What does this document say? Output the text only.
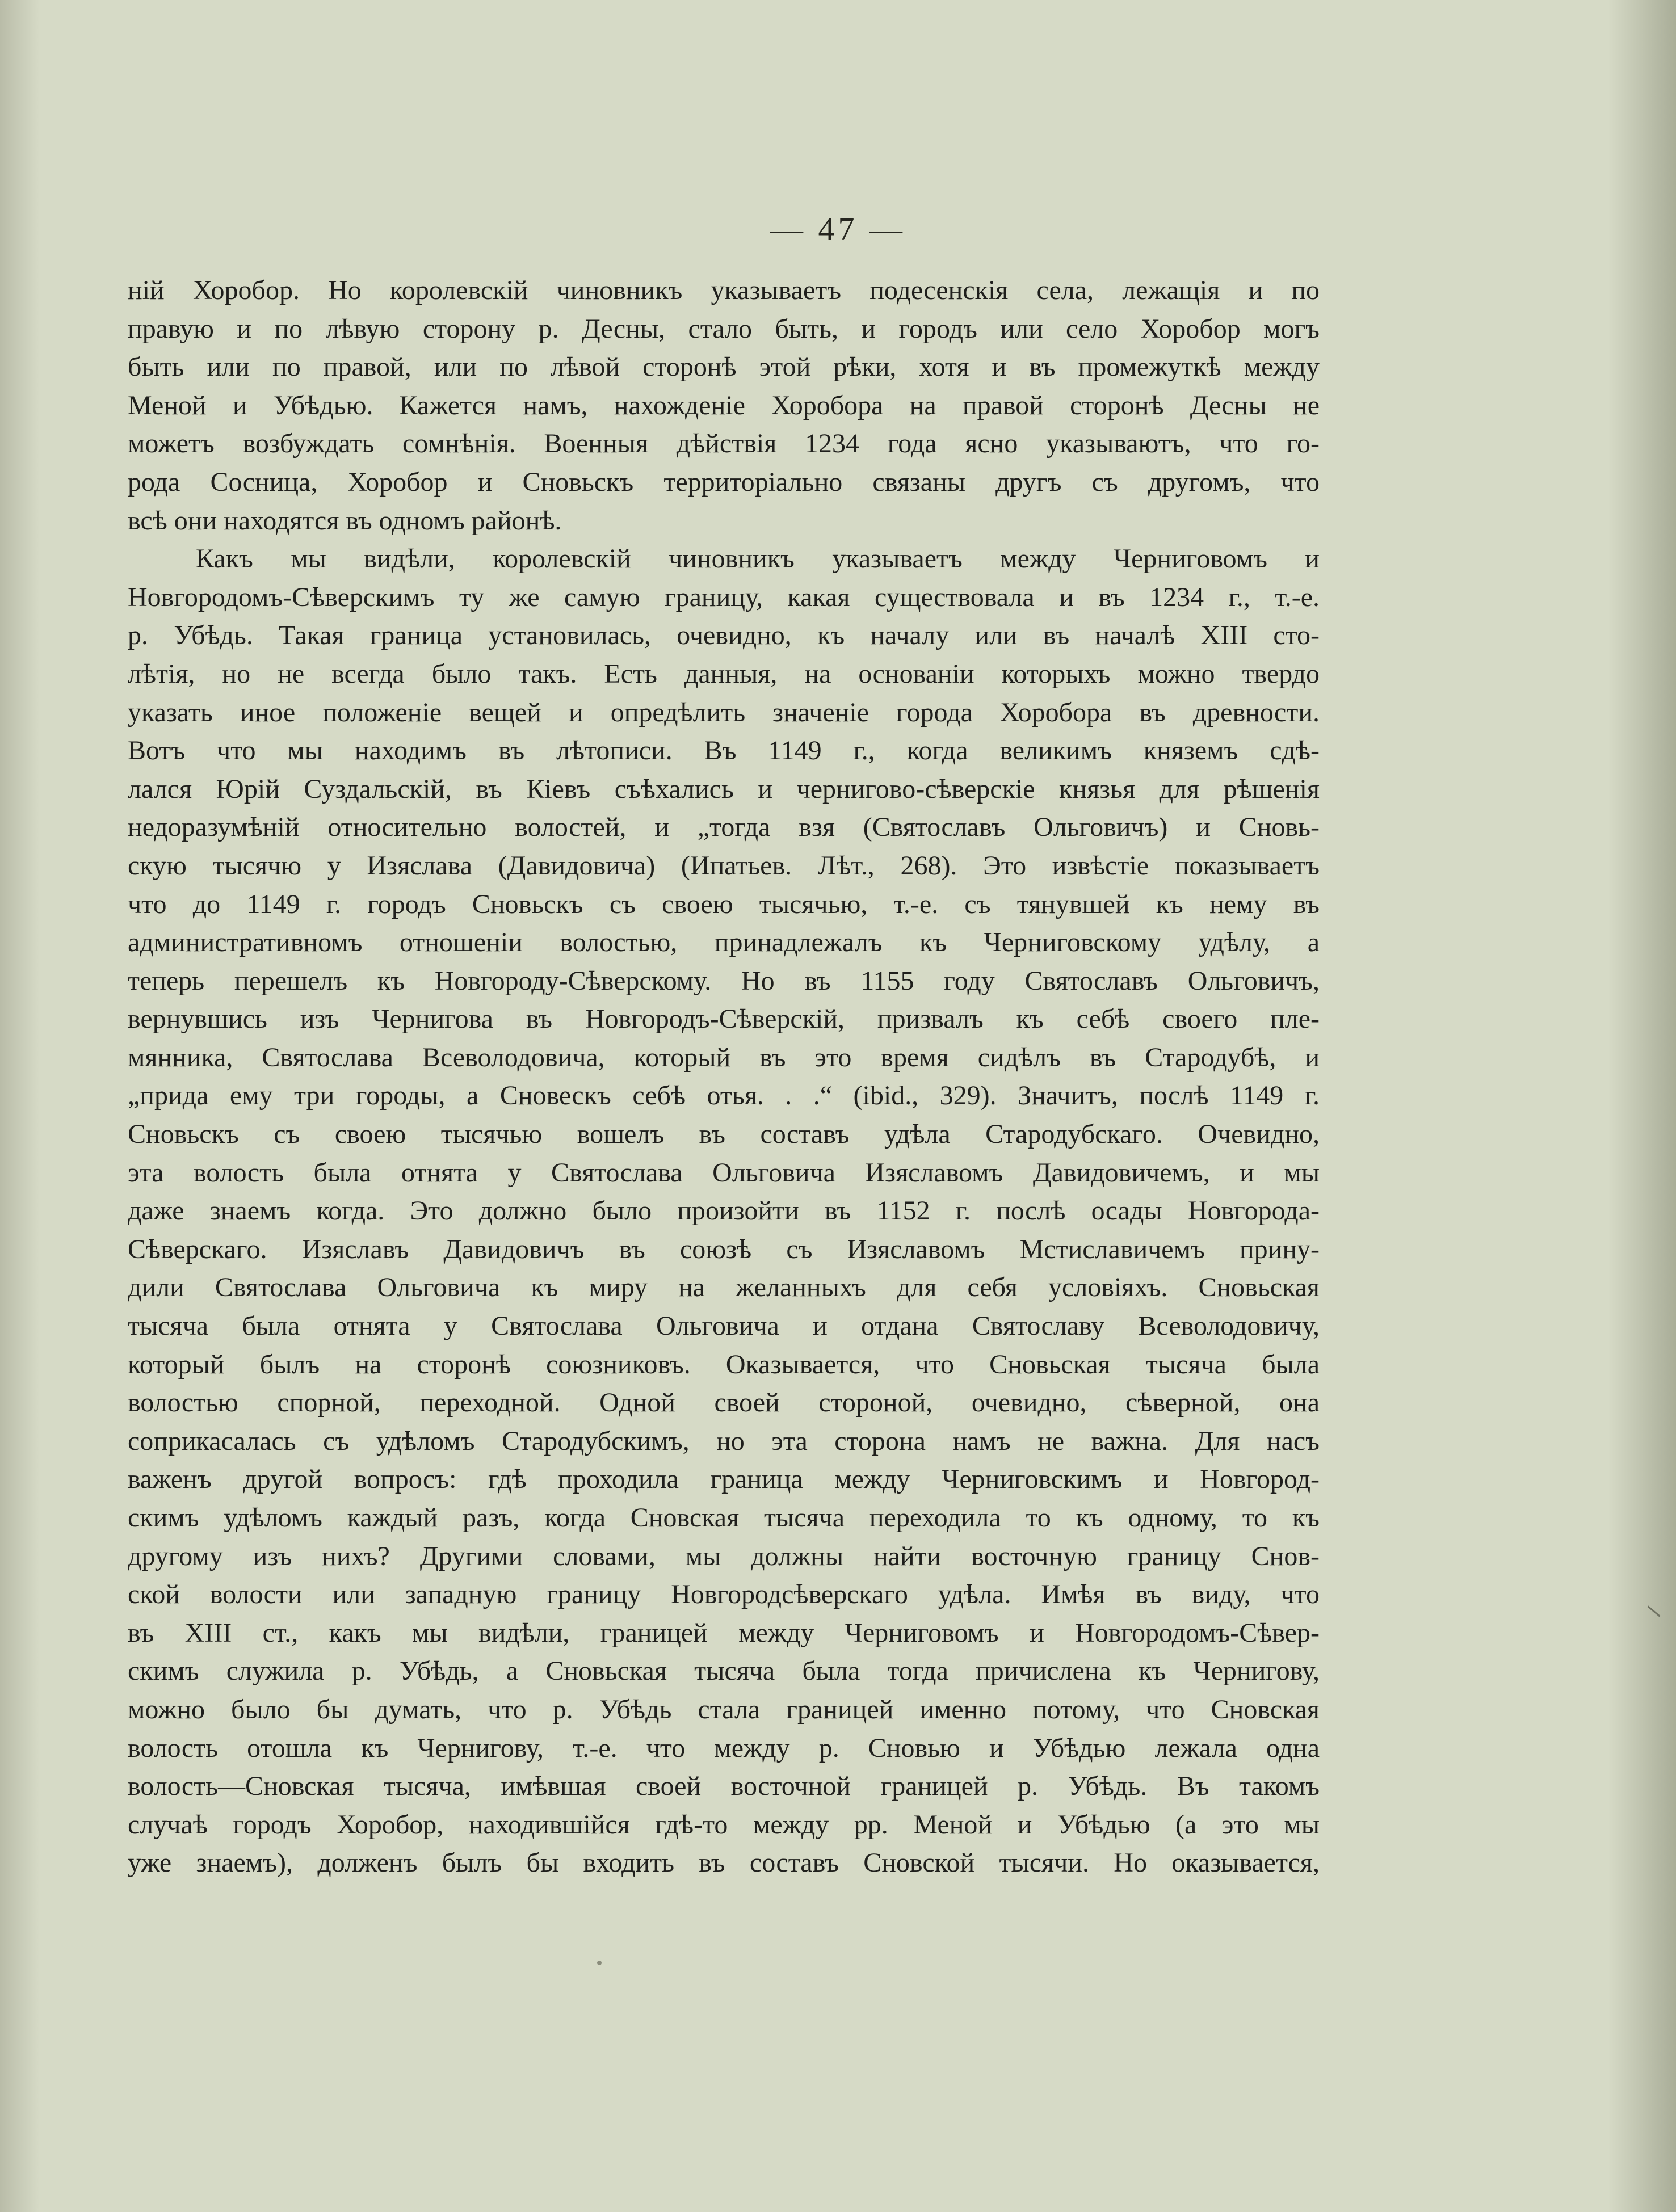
— 47 —
ній Хоробор. Но королевскій чиновникъ указываетъ подесенскія села, лежащія и по
правую и по лѣвую сторону р. Десны, стало быть, и городъ или село Хоробор могъ
быть или по правой, или по лѣвой сторонѣ этой рѣки, хотя и въ промежуткѣ между
Меной и Убѣдью. Кажется намъ, нахожденіе Хоробора на правой сторонѣ Десны не
можетъ возбуждать сомнѣнія. Военныя дѣйствія 1234 года ясно указываютъ, что го-
рода Сосница, Хоробор и Сновьскъ территоріально связаны другъ съ другомъ, что
всѣ они находятся въ одномъ районѣ.
Какъ мы видѣли, королевскій чиновникъ указываетъ между Черниговомъ и
Новгородомъ-Сѣверскимъ ту же самую границу, какая существовала и въ 1234 г., т.-е.
р. Убѣдь. Такая граница установилась, очевидно, къ началу или въ началѣ XIII сто-
лѣтія, но не всегда было такъ. Есть данныя, на основаніи которыхъ можно твердо
указать иное положеніе вещей и опредѣлить значеніе города Хоробора въ древности.
Вотъ что мы находимъ въ лѣтописи. Въ 1149 г., когда великимъ княземъ сдѣ-
лался Юрій Суздальскій, въ Кіевъ съѣхались и чернигово-сѣверскіе князья для рѣшенія
недоразумѣній относительно волостей, и „тогда взя (Святославъ Ольговичъ) и Сновь-
скую тысячю у Изяслава (Давидовича) (Ипатьев. Лѣт., 268). Это извѣстіе показываетъ
что до 1149 г. городъ Сновьскъ съ своею тысячью, т.-е. съ тянувшей къ нему въ
административномъ отношеніи волостью, принадлежалъ къ Черниговскому удѣлу, а
теперь перешелъ къ Новгороду-Сѣверскому. Но въ 1155 году Святославъ Ольговичъ,
вернувшись изъ Чернигова въ Новгородъ-Сѣверскій, призвалъ къ себѣ своего пле-
мянника, Святослава Всеволодовича, который въ это время сидѣлъ въ Стародубѣ, и
„прида ему три городы, а Сновескъ себѣ отья. . .“ (ibid., 329). Значитъ, послѣ 1149 г.
Сновьскъ съ своею тысячью вошелъ въ составъ удѣла Стародубскаго. Очевидно,
эта волость была отнята у Святослава Ольговича Изяславомъ Давидовичемъ, и мы
даже знаемъ когда. Это должно было произойти въ 1152 г. послѣ осады Новгорода-
Сѣверскаго. Изяславъ Давидовичъ въ союзѣ съ Изяславомъ Мстиславичемъ прину-
дили Святослава Ольговича къ миру на желанныхъ для себя условіяхъ. Сновьская
тысяча была отнята у Святослава Ольговича и отдана Святославу Всеволодовичу,
который былъ на сторонѣ союзниковъ. Оказывается, что Сновьская тысяча была
волостью спорной, переходной. Одной своей стороной, очевидно, сѣверной, она
соприкасалась съ удѣломъ Стародубскимъ, но эта сторона намъ не важна. Для насъ
важенъ другой вопросъ: гдѣ проходила граница между Черниговскимъ и Новгород-
скимъ удѣломъ каждый разъ, когда Сновская тысяча переходила то къ одному, то къ
другому изъ нихъ? Другими словами, мы должны найти восточную границу Снов-
ской волости или западную границу Новгородсѣверскаго удѣла. Имѣя въ виду, что
въ XIII ст., какъ мы видѣли, границей между Черниговомъ и Новгородомъ-Сѣвер-
скимъ служила р. Убѣдь, а Сновьская тысяча была тогда причислена къ Чернигову,
можно было бы думать, что р. Убѣдь стала границей именно потому, что Сновская
волость отошла къ Чернигову, т.-е. что между р. Сновью и Убѣдью лежала одна
волость—Сновская тысяча, имѣвшая своей восточной границей р. Убѣдь. Въ такомъ
случаѣ городъ Хоробор, находившійся гдѣ-то между рр. Меной и Убѣдью (а это мы
уже знаемъ), долженъ былъ бы входить въ составъ Сновской тысячи. Но оказывается,
